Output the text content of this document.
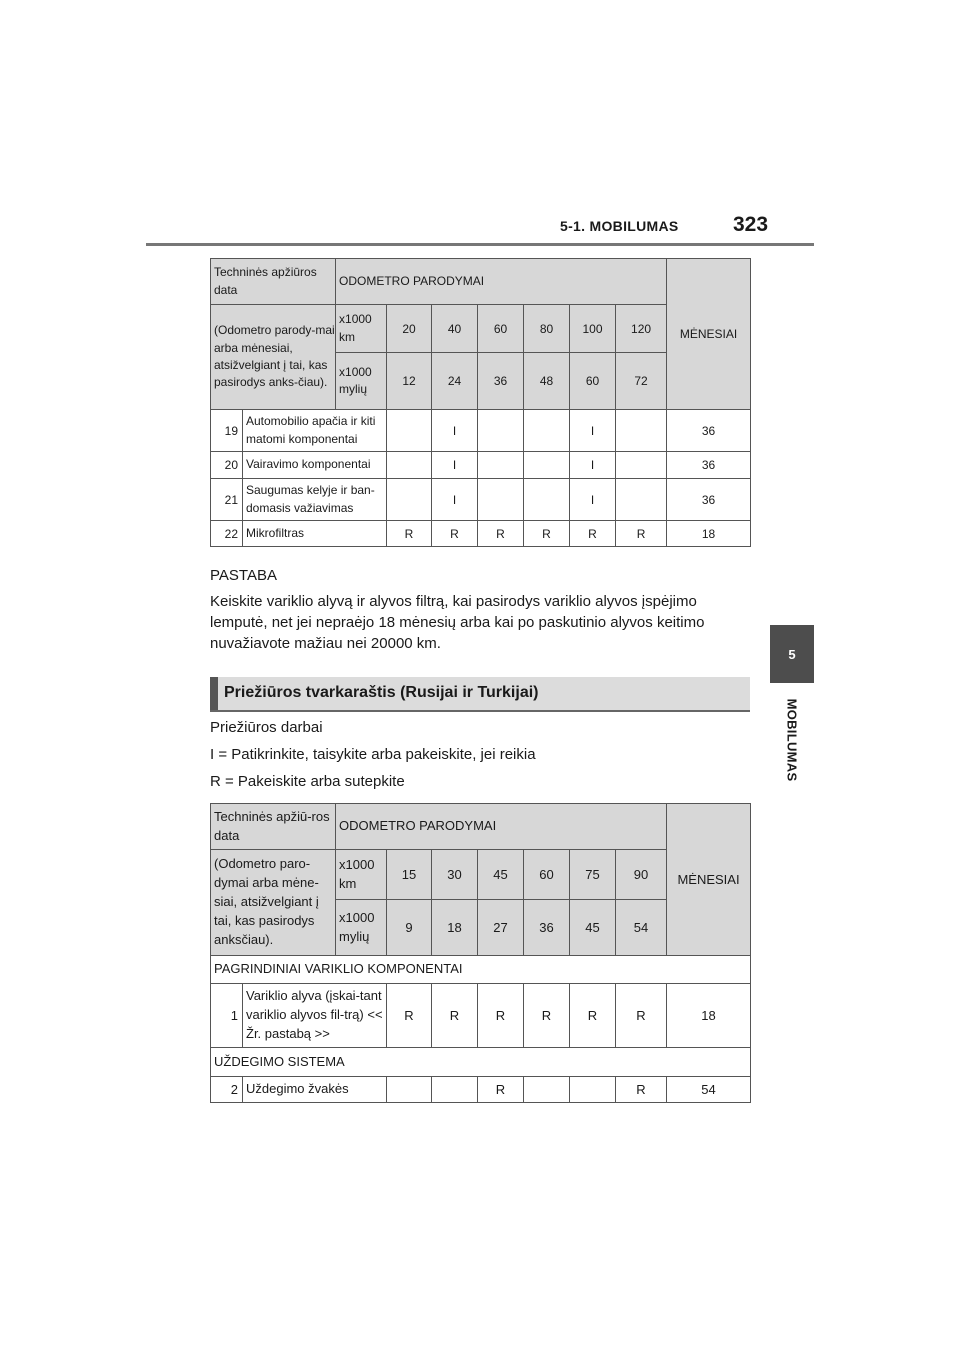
5-1. MOBILUMAS	323
5
MOBILUMAS
Techninės apžiūros data		ODOMETRO PARODYMAI							MĖNESIAI
(Odometro parody-mai arba mėnesiai, atsižvelgiant į tai, kas pasirodys anks-čiau).		x1000 km	20	40	60	80	100	120	
		x1000 mylių	12	24	36	48	60	72	
19	Automobilio apačia ir kiti matomi komponentai			I			I		36
20	Vairavimo komponentai			I			I		36
21	Saugumas kelyje ir ban-domasis važiavimas			I			I		36
22	Mikrofiltras		R	R	R	R	R	R	18
PASTABA
Keiskite variklio alyvą ir alyvos filtrą, kai pasirodys variklio alyvos įspėjimo lemputė, net jei nepraėjo 18 mėnesių arba kai po paskutinio alyvos keitimo nuvažiavote mažiau nei 20000 km.
Priežiūros tvarkaraštis (Rusijai ir Turkijai)
Priežiūros darbai
I = Patikrinkite, taisykite arba pakeiskite, jei reikia
R = Pakeiskite arba sutepkite
Techninės apžiū-ros data		ODOMETRO PARODYMAI							MĖNESIAI
(Odometro paro-dymai arba mėne-siai, atsižvelgiant į tai, kas pasirodys anksčiau).		x1000 km	15	30	45	60	75	90	
		x1000 mylių	9	18	27	36	45	54	
PAGRINDINIAI VARIKLIO KOMPONENTAI									
1	Variklio alyva (įskai-tant variklio alyvos fil-trą) << Žr. pastabą >>		R	R	R	R	R	R	18
UŽDEGIMO SISTEMA									
2	Uždegimo žvakės				R			R	54
